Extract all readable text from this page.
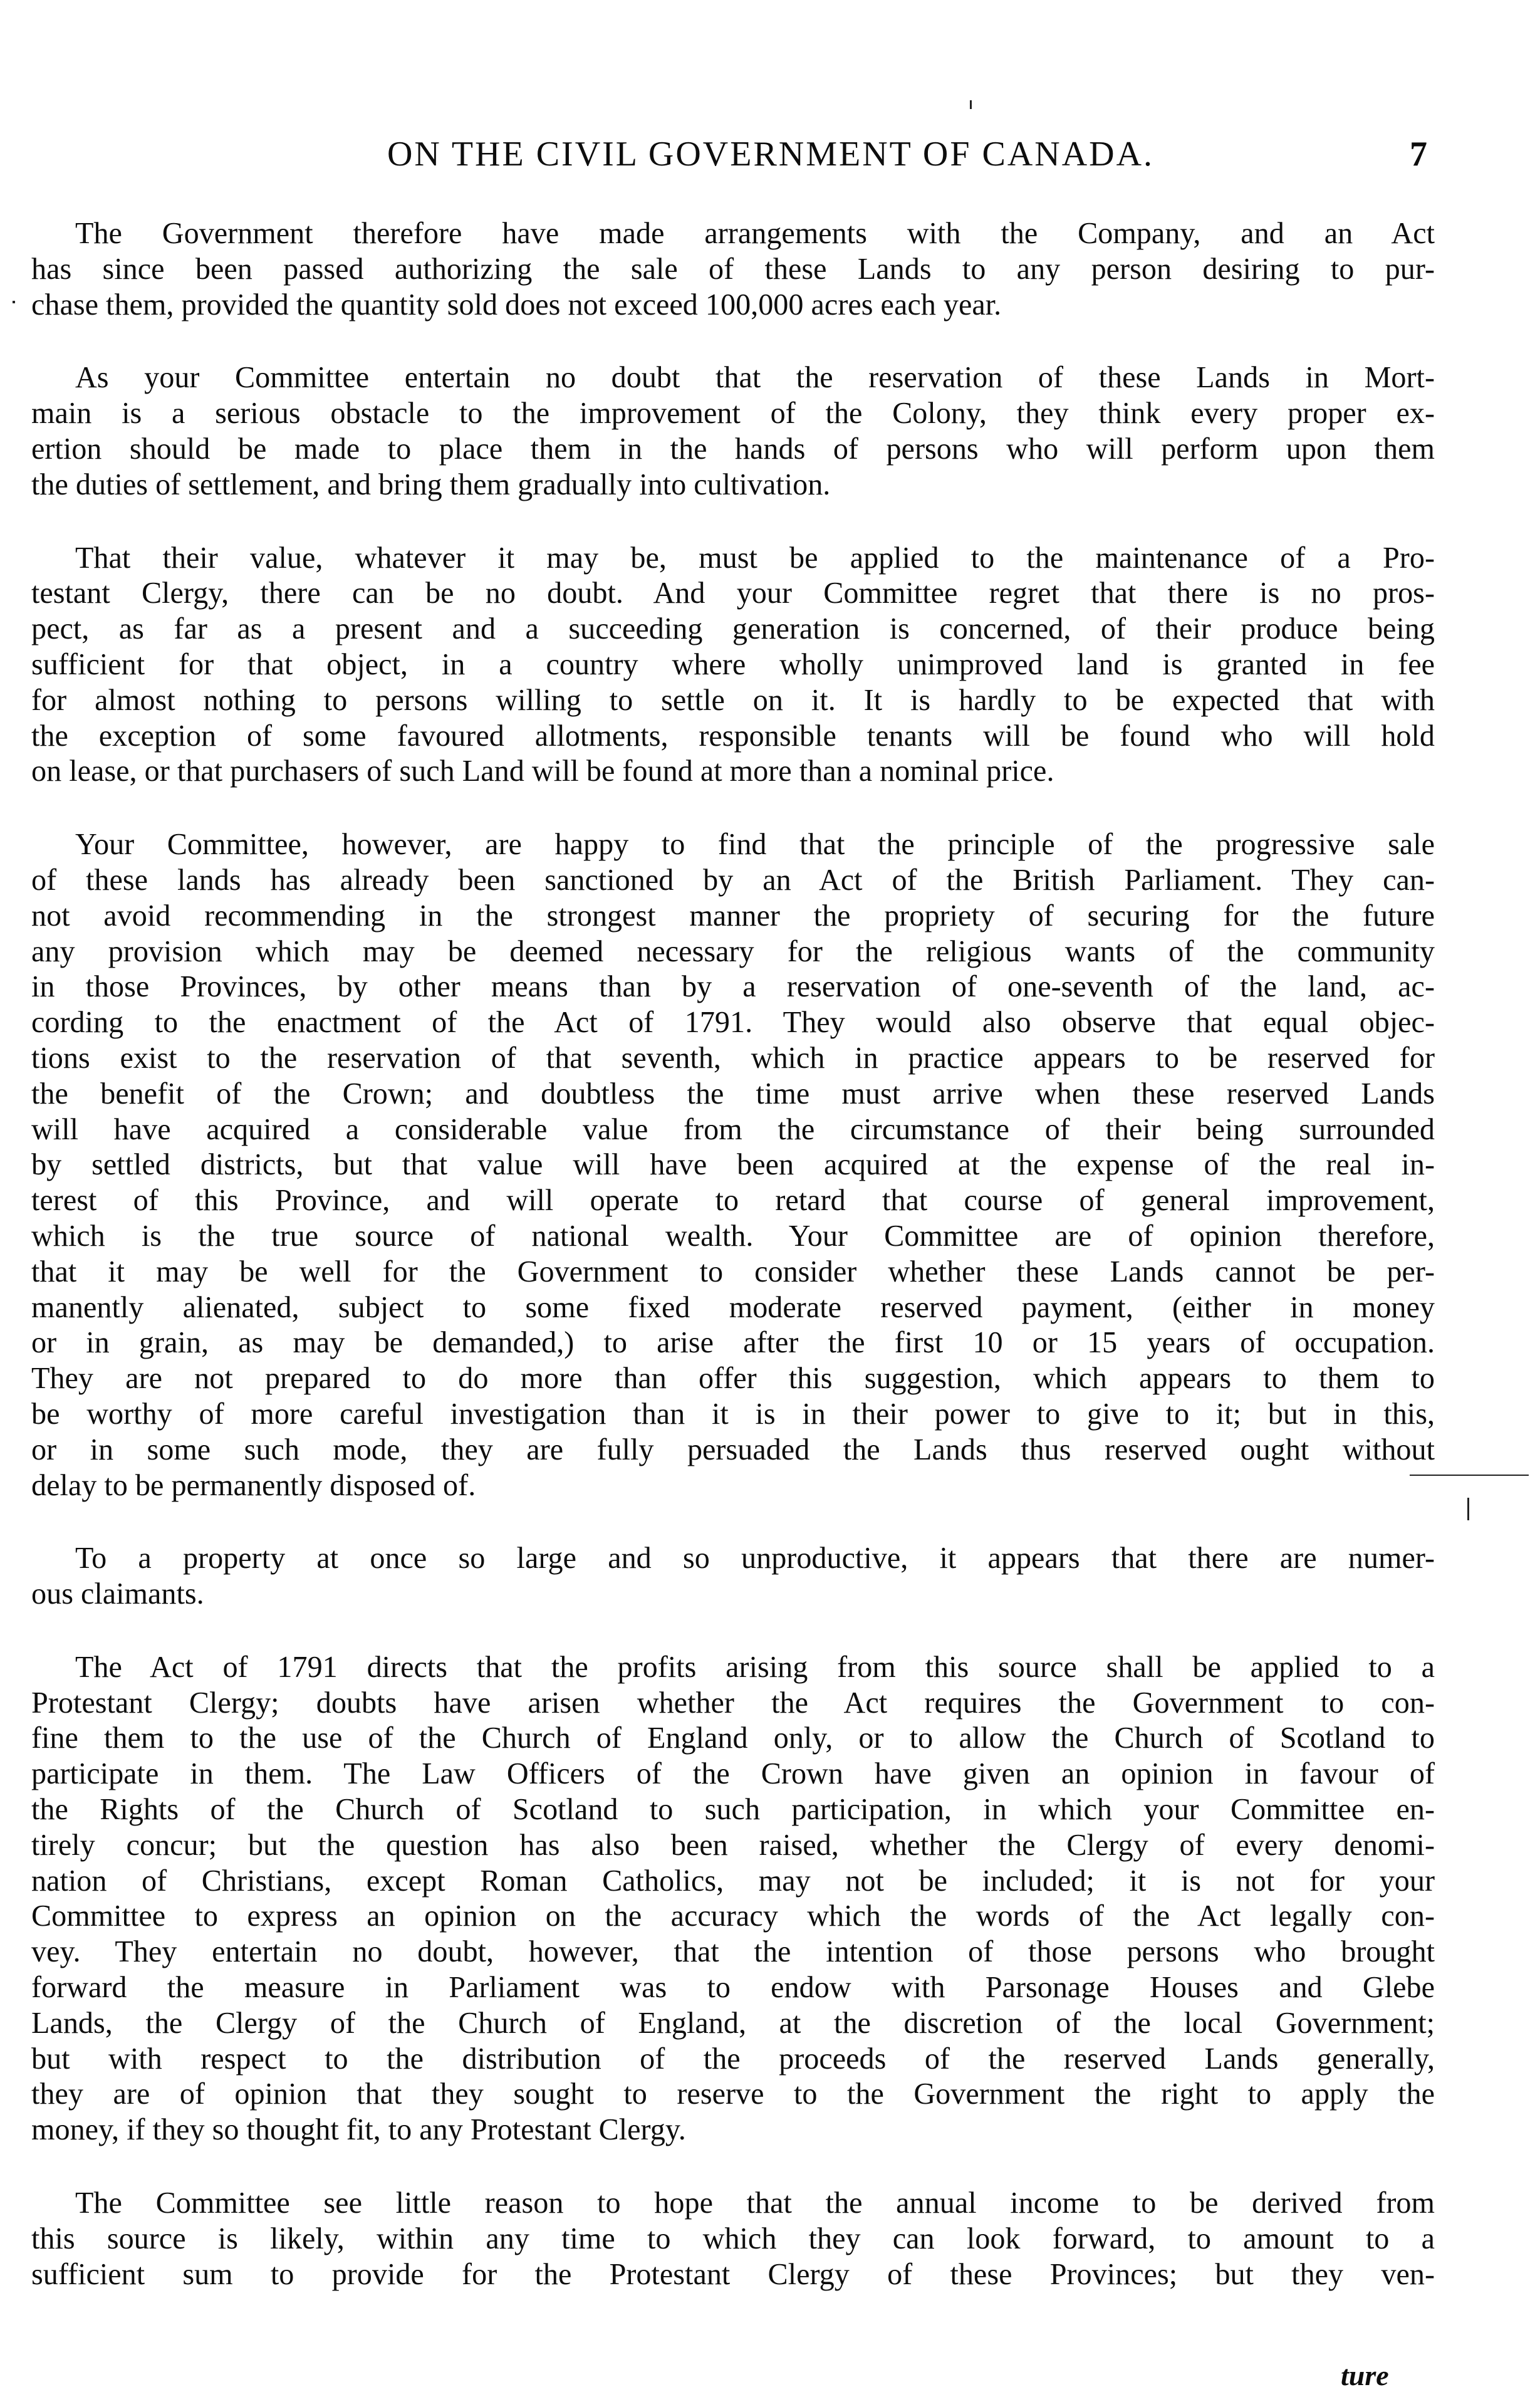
ON THE CIVIL GOVERNMENT OF CANADA.	7
The Government therefore have made arrangements with the Company, and an Act
has since been passed authorizing the sale of these Lands to any person desiring to pur-
chase them, provided the quantity sold does not exceed 100,000 acres each year.
As your Committee entertain no doubt that the reservation of these Lands in Mort-
main is a serious obstacle to the improvement of the Colony, they think every proper ex-
ertion should be made to place them in the hands of persons who will perform upon them
the duties of settlement, and bring them gradually into cultivation.
That their value, whatever it may be, must be applied to the maintenance of a Pro-
testant Clergy, there can be no doubt. And your Committee regret that there is no pros-
pect, as far as a present and a succeeding generation is concerned, of their produce being
sufficient for that object, in a country where wholly unimproved land is granted in fee
for almost nothing to persons willing to settle on it. It is hardly to be expected that with
the exception of some favoured allotments, responsible tenants will be found who will hold
on lease, or that purchasers of such Land will be found at more than a nominal price.
Your Committee, however, are happy to find that the principle of the progressive sale
of these lands has already been sanctioned by an Act of the British Parliament. They can-
not avoid recommending in the strongest manner the propriety of securing for the future
any provision which may be deemed necessary for the religious wants of the community
in those Provinces, by other means than by a reservation of one-seventh of the land, ac-
cording to the enactment of the Act of 1791. They would also observe that equal objec-
tions exist to the reservation of that seventh, which in practice appears to be reserved for
the benefit of the Crown; and doubtless the time must arrive when these reserved Lands
will have acquired a considerable value from the circumstance of their being surrounded
by settled districts, but that value will have been acquired at the expense of the real in-
terest of this Province, and will operate to retard that course of general improvement,
which is the true source of national wealth. Your Committee are of opinion therefore,
that it may be well for the Government to consider whether these Lands cannot be per-
manently alienated, subject to some fixed moderate reserved payment, (either in money
or in grain, as may be demanded,) to arise after the first 10 or 15 years of occupation.
They are not prepared to do more than offer this suggestion, which appears to them to
be worthy of more careful investigation than it is in their power to give to it; but in this,
or in some such mode, they are fully persuaded the Lands thus reserved ought without
delay to be permanently disposed of.
To a property at once so large and so unproductive, it appears that there are numer-
ous claimants.
The Act of 1791 directs that the profits arising from this source shall be applied to a
Protestant Clergy; doubts have arisen whether the Act requires the Government to con-
fine them to the use of the Church of England only, or to allow the Church of Scotland to
participate in them. The Law Officers of the Crown have given an opinion in favour of
the Rights of the Church of Scotland to such participation, in which your Committee en-
tirely concur; but the question has also been raised, whether the Clergy of every denomi-
nation of Christians, except Roman Catholics, may not be included; it is not for your
Committee to express an opinion on the accuracy which the words of the Act legally con-
vey. They entertain no doubt, however, that the intention of those persons who brought
forward the measure in Parliament was to endow with Parsonage Houses and Glebe
Lands, the Clergy of the Church of England, at the discretion of the local Government;
but with respect to the distribution of the proceeds of the reserved Lands generally,
they are of opinion that they sought to reserve to the Government the right to apply the
money, if they so thought fit, to any Protestant Clergy.
The Committee see little reason to hope that the annual income to be derived from
this source is likely, within any time to which they can look forward, to amount to a
sufficient sum to provide for the Protestant Clergy of these Provinces; but they ven-
ture
